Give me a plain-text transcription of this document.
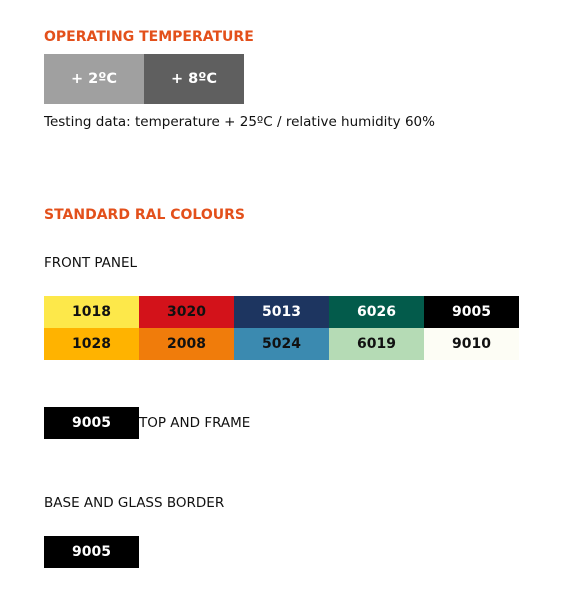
OPERATING TEMPERATURE
+ 2ºC	+ 8ºC

Testing data: temperature + 25ºC / relative humidity 60%

STANDARD RAL COLOURS

FRONT PANEL

1018	3020	5013	6026	9005
1028	2008	5024	6019	9010
9005	TOP AND FRAME

BASE AND GLASS BORDER

9005
